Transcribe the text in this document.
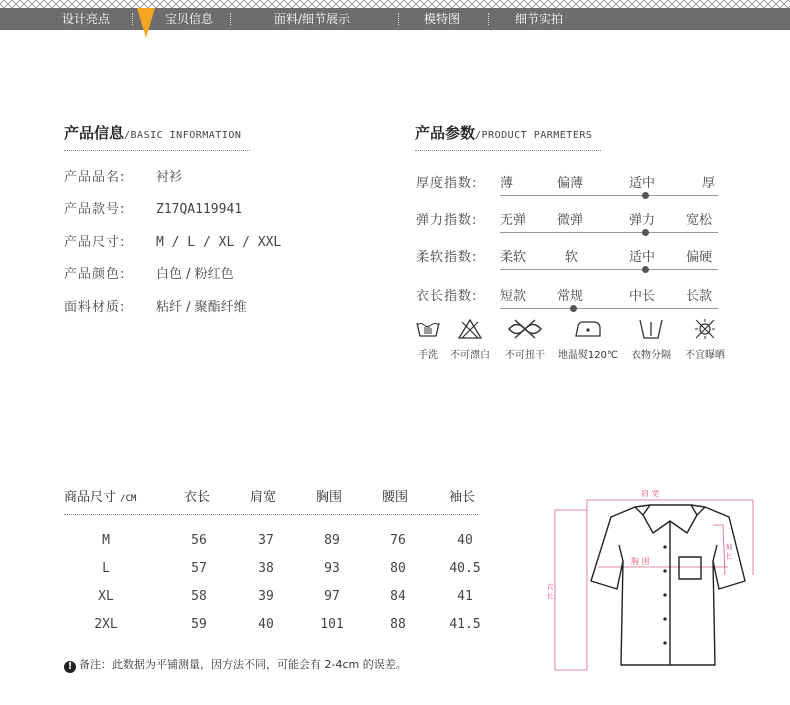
设计亮点	宝贝信息	面料/细节展示	模特图	细节实拍
产品信息/BASIC INFORMATION
产品品名: 衬衫
产品款号: Z17QA119941
产品尺寸: M / L / XL / XXL
产品颜色: 白色 / 粉红色
面料材质: 粘纤 / 聚酯纤维
产品参数/PRODUCT PARMETERS
厚度指数: 薄	偏薄	适中	厚
弹力指数: 无弹 微弹	弹力 宽松
柔软指数: 柔软	软	适中 偏硬
衣长指数: 短款 常规	中长 长款
手洗	不可漂白	不可扭干	地温熨120℃	衣物分隔	不宜曝晒
商品尺寸 /CM	衣长	肩宽	胸围	腰围	袖长
M	56	37	89	76	40
L	57	38	93	80	40.5
XL	58	39	97	84	41
2XL	59	40	101	88	41.5
! 备注：此数据为平铺测量，因方法不同，可能会有 2-4cm 的误差。
肩 宽
胸 围
衣 长
袖 长
